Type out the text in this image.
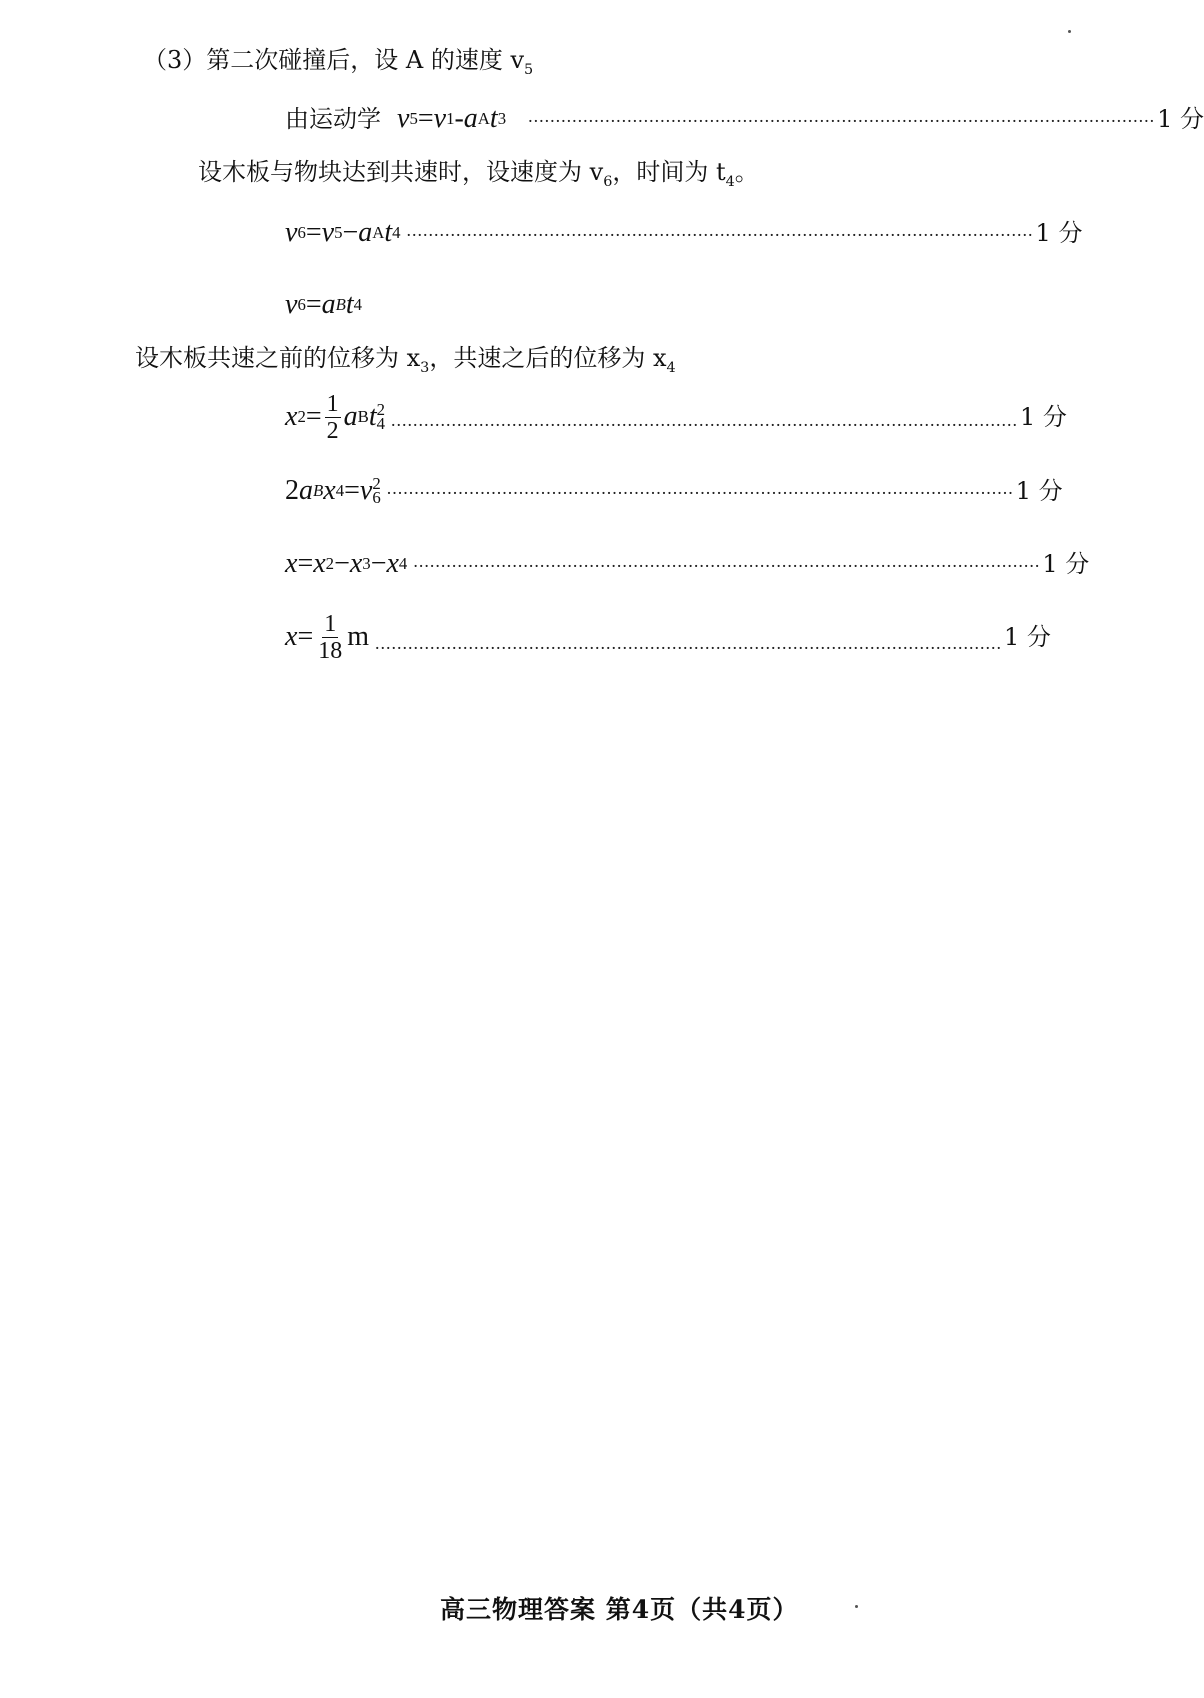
（3）第二次碰撞后，设 A 的速度 $v_5$
由运动学 v 5 = v 1 - a A t 3 .................................................................................................................. 1 分
设木板与物块达到共速时，设速度为 $v_6$，时间为 $t_4$。
v 6 = v 5 − a A t 4 .................................................................................................................. 1 分
v 6 = a B t 4
设木板共速之前的位移为 $x_3$，共速之后的位移为 $x_4$
x $2 = \frac{1}{2}$ a B t 2
4 .................................................................................................................. 1 分
2 a B x 4 = v 2
6 .................................................................................................................. 1 分
x = x 2 − x 3 − x 4 .................................................................................................................. 1 分
$x = \frac{1}{18}$ m .................................................................................................................. 1 分
高三物理答案 第4页（共4页）
